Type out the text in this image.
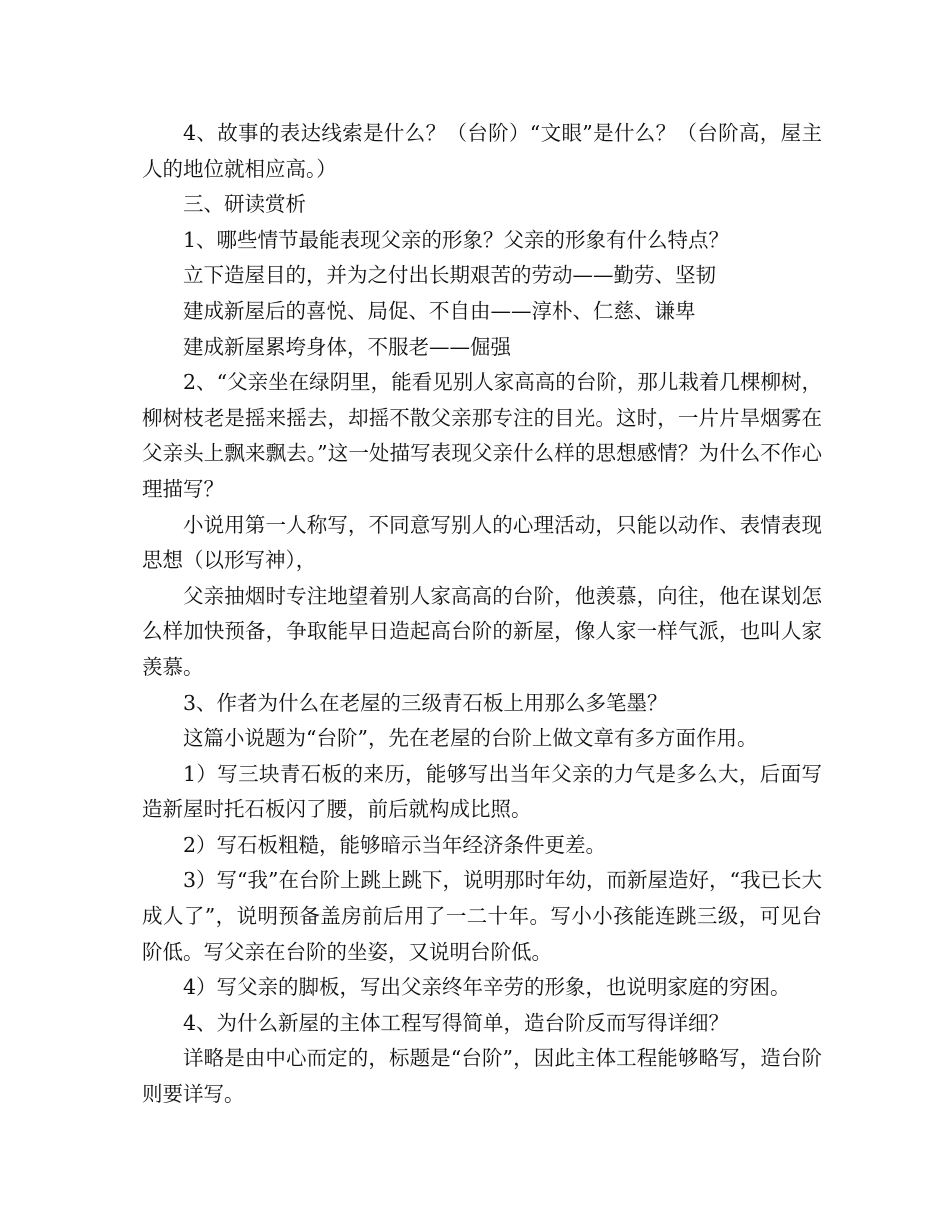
4、故事的表达线索是什么？（台阶）“文眼”是什么？（台阶高，屋主人的地位就相应高。）

三、研读赏析

1、哪些情节最能表现父亲的形象？父亲的形象有什么特点？

立下造屋目的，并为之付出长期艰苦的劳动——勤劳、坚韧

建成新屋后的喜悦、局促、不自由——淳朴、仁慈、谦卑

建成新屋累垮身体，不服老——倔强

2、“父亲坐在绿阴里，能看见别人家高高的台阶，那儿栽着几棵柳树，柳树枝老是摇来摇去，却摇不散父亲那专注的目光。这时，一片片旱烟雾在父亲头上飘来飘去。”这一处描写表现父亲什么样的思想感情？为什么不作心理描写？

小说用第一人称写，不同意写别人的心理活动，只能以动作、表情表现思想（以形写神），

父亲抽烟时专注地望着别人家高高的台阶，他羡慕，向往，他在谋划怎么样加快预备，争取能早日造起高台阶的新屋，像人家一样气派，也叫人家羡慕。

3、作者为什么在老屋的三级青石板上用那么多笔墨？

这篇小说题为“台阶”，先在老屋的台阶上做文章有多方面作用。

1）写三块青石板的来历，能够写出当年父亲的力气是多么大，后面写造新屋时托石板闪了腰，前后就构成比照。

2）写石板粗糙，能够暗示当年经济条件更差。

3）写“我”在台阶上跳上跳下，说明那时年幼，而新屋造好，“我已长大成人了”，说明预备盖房前后用了一二十年。写小小孩能连跳三级，可见台阶低。写父亲在台阶的坐姿，又说明台阶低。

4）写父亲的脚板，写出父亲终年辛劳的形象，也说明家庭的穷困。

4、为什么新屋的主体工程写得简单，造台阶反而写得详细？

详略是由中心而定的，标题是“台阶”，因此主体工程能够略写，造台阶则要详写。
